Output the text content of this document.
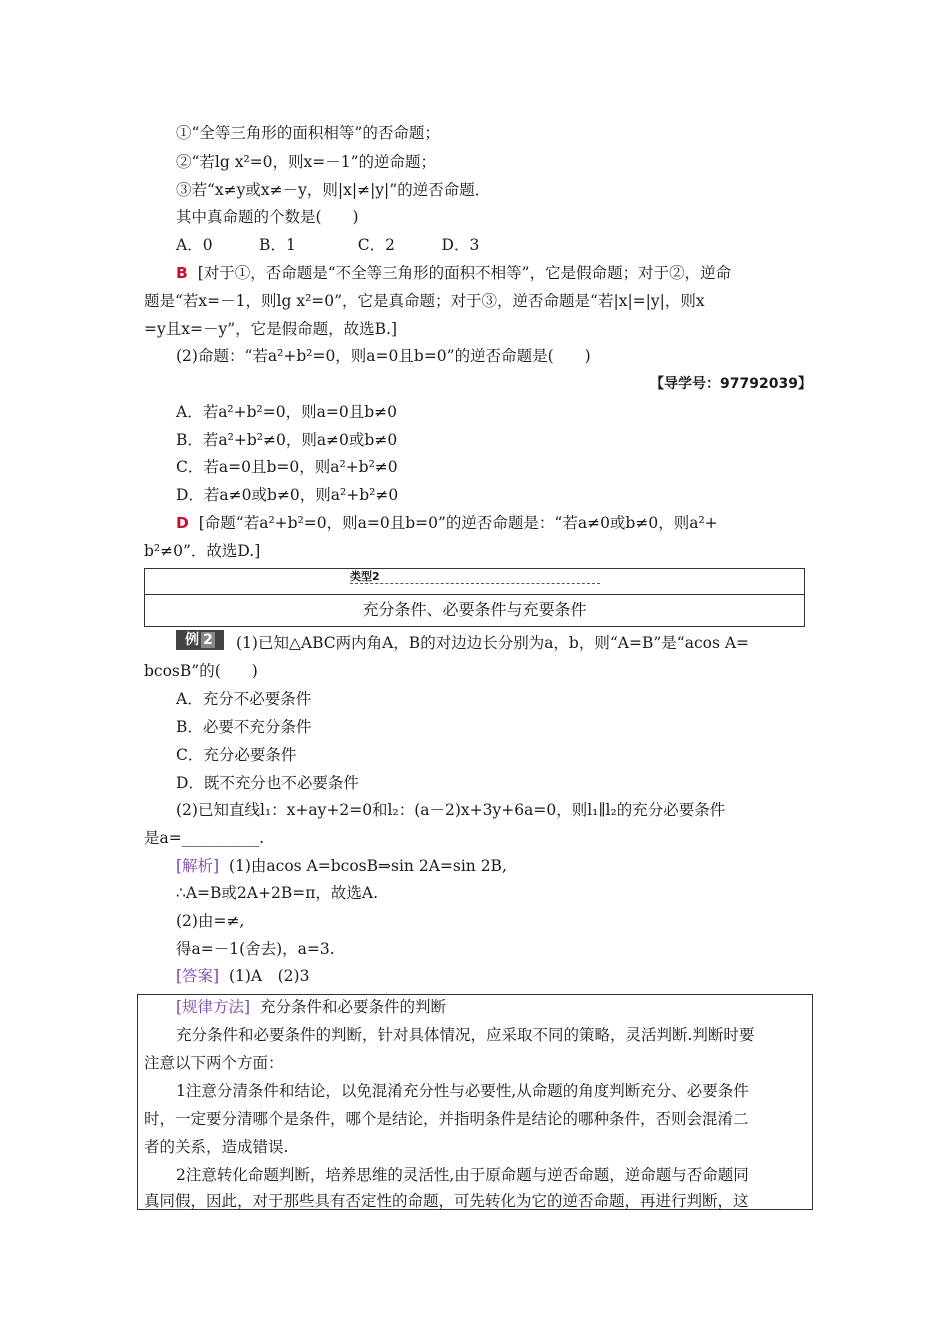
①“全等三角形的面积相等”的否命题；
②“若lg x²=0，则x=－1”的逆命题；
③若“x≠y或x≠－y，则|x|≠|y|”的逆否命题．
其中真命题的个数是(　　)
A．0　　　B．1　　　　C．2　　　D．3
B [对于①，否命题是“不全等三角形的面积不相等”，它是假命题；对于②，逆命
题是“若x=－1，则lg x²=0”，它是真命题；对于③，逆否命题是“若|x|=|y|，则x
=y且x=－y”，它是假命题，故选B.]
(2)命题：“若a²+b²=0，则a=0且b=0”的逆否命题是(　　)
【导学号：97792039】
A．若a²+b²=0，则a=0且b≠0
B．若a²+b²≠0，则a≠0或b≠0
C．若a=0且b=0，则a²+b²≠0
D．若a≠0或b≠0，则a²+b²≠0
D [命题“若a²+b²=0，则a=0且b=0”的逆否命题是：“若a≠0或b≠0，则a²+
b²≠0”．故选D.]
类型2
充分条件、必要条件与充要条件
例 2	(1)已知△ABC两内角A，B的对边边长分别为a，b，则“A=B”是“acos A=
bcosB”的(　　)
A．充分不必要条件
B．必要不充分条件
C．充分必要条件
D．既不充分也不必要条件
(2)已知直线l₁：x+ay+2=0和l₂：(a－2)x+3y+6a=0，则l₁∥l₂的充分必要条件
是a=__________.
[解析] (1)由acos A=bcosB⇒sin 2A=sin 2B,
∴A=B或2A+2B=π，故选A.
(2)由=≠,
得a=－1(舍去)，a=3.
[答案] (1)A　(2)3
[规律方法] 充分条件和必要条件的判断
充分条件和必要条件的判断，针对具体情况，应采取不同的策略，灵活判断.判断时要
注意以下两个方面：
1注意分清条件和结论，以免混淆充分性与必要性,从命题的角度判断充分、必要条件
时，一定要分清哪个是条件，哪个是结论，并指明条件是结论的哪种条件，否则会混淆二
者的关系，造成错误.
2注意转化命题判断，培养思维的灵活性,由于原命题与逆否命题，逆命题与否命题同
真同假，因此，对于那些具有否定性的命题，可先转化为它的逆否命题，再进行判断，这
